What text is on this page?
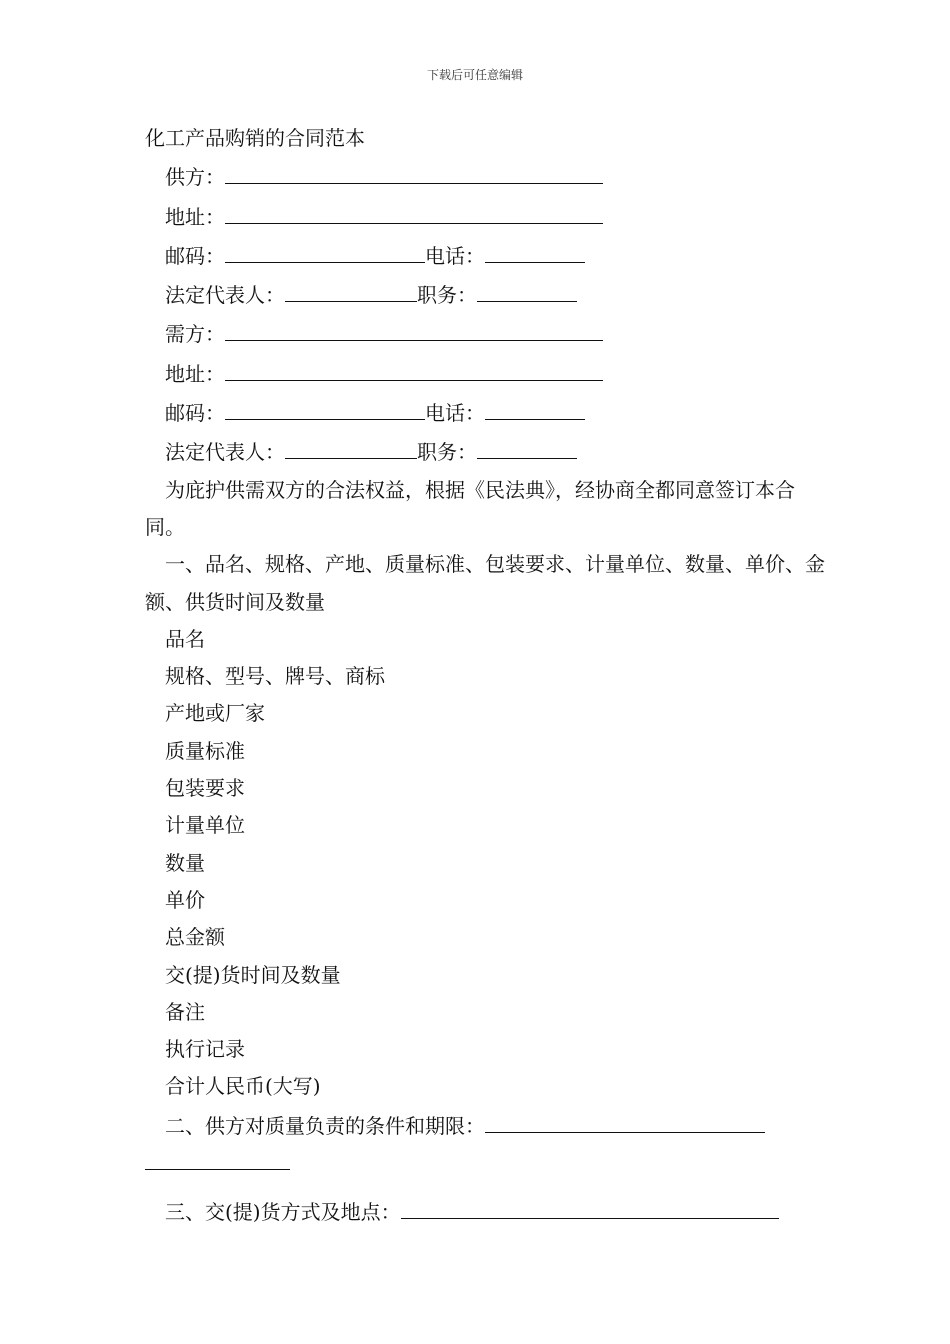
下载后可任意编辑
化工产品购销的合同范本
供方：
地址：
邮码：	电话：
法定代表人：	职务：
需方：
地址：
邮码：	电话：
法定代表人：	职务：
为庇护供需双方的合法权益，根据《民法典》，经协商全都同意签订本合同。
一、品名、规格、产地、质量标准、包装要求、计量单位、数量、单价、金额、供货时间及数量
品名
规格、型号、牌号、商标
产地或厂家
质量标准
包装要求
计量单位
数量
单价
总金额
交(提)货时间及数量
备注
执行记录
合计人民币(大写)
二、供方对质量负责的条件和期限：
三、交(提)货方式及地点：
